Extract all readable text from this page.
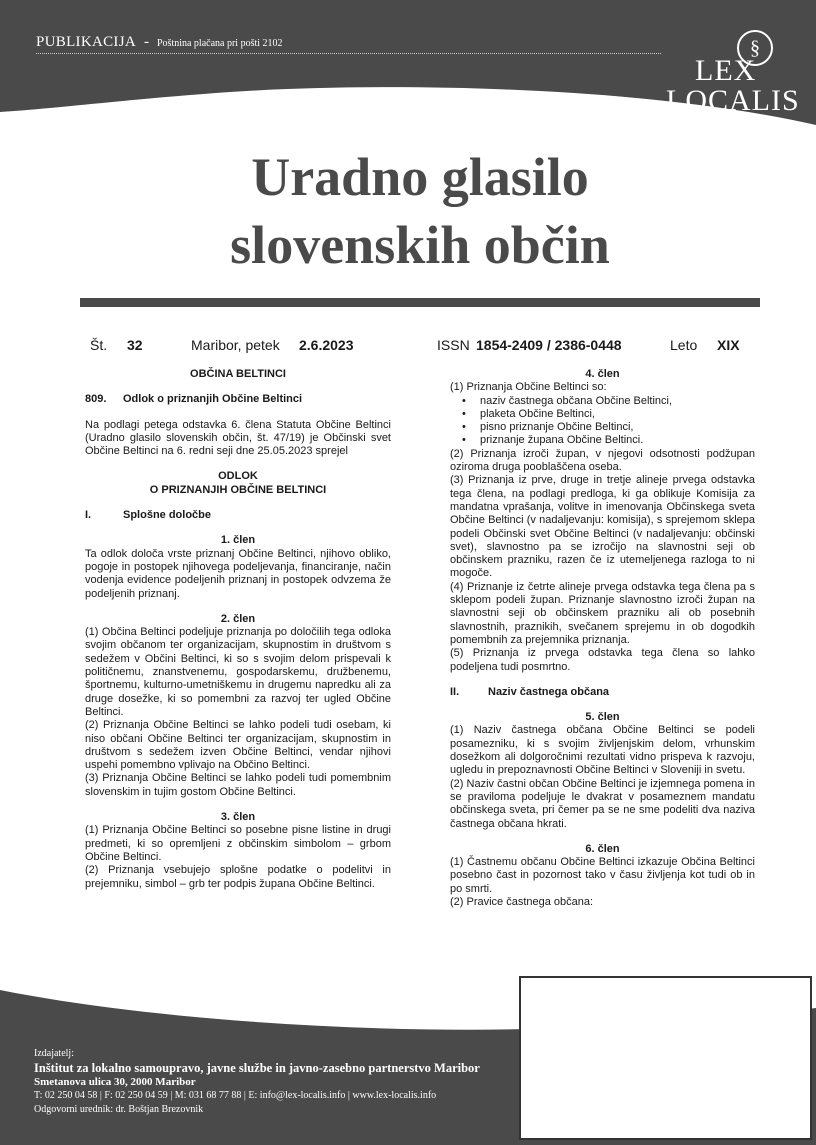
PUBLIKACIJA - Poštnina plačana pri pošti 2102	§
LEX
LOCALIS
Uradno glasilo
slovenskih občin
Št. 32	Maribor, petek 2.6.2023	ISSN 1854-2409 / 2386-0448	Leto XIX

OBČINA BELTINCI

809.	Odlok o priznanjih Občine Beltinci

Na podlagi petega odstavka 6. člena Statuta Občine Beltinci (Uradno glasilo slovenskih občin, št. 47/19) je Občinski svet Občine Beltinci na 6. redni seji dne 25.05.2023 sprejel

ODLOK

O PRIZNANJIH OBČINE BELTINCI

I.	Splošne določbe

1. člen

Ta odlok določa vrste priznanj Občine Beltinci, njihovo obliko, pogoje in postopek njihovega podeljevanja, financiranje, način vodenja evidence podeljenih priznanj in postopek odvzema že podeljenih priznanj.

2. člen

(1) Občina Beltinci podeljuje priznanja po določilih tega odloka svojim občanom ter organizacijam, skupnostim in društvom s sedežem v Občini Beltinci, ki so s svojim delom prispevali k političnemu, znanstvenemu, gospodarskemu, družbenemu, športnemu, kulturno-umetniškemu in drugemu napredku ali za druge dosežke, ki so pomembni za razvoj ter ugled Občine Beltinci.

(2) Priznanja Občine Beltinci se lahko podeli tudi osebam, ki niso občani Občine Beltinci ter organizacijam, skupnostim in društvom s sedežem izven Občine Beltinci, vendar njihovi uspehi pomembno vplivajo na Občino Beltinci.

(3) Priznanja Občine Beltinci se lahko podeli tudi pomembnim slovenskim in tujim gostom Občine Beltinci.

3. člen

(1) Priznanja Občine Beltinci so posebne pisne listine in drugi predmeti, ki so opremljeni z občinskim simbolom – grbom Občine Beltinci.

(2) Priznanja vsebujejo splošne podatke o podelitvi in prejemniku, simbol – grb ter podpis župana Občine Beltinci.

4. člen

(1) Priznanja Občine Beltinci so:

• naziv častnega občana Občine Beltinci,
• plaketa Občine Beltinci,
• pisno priznanje Občine Beltinci,
• priznanje župana Občine Beltinci.

(2) Priznanja izroči župan, v njegovi odsotnosti podžupan oziroma druga pooblaščena oseba.

(3) Priznanja iz prve, druge in tretje alineje prvega odstavka tega člena, na podlagi predloga, ki ga oblikuje Komisija za mandatna vprašanja, volitve in imenovanja Občinskega sveta Občine Beltinci (v nadaljevanju: komisija), s sprejemom sklepa podeli Občinski svet Občine Beltinci (v nadaljevanju: občinski svet), slavnostno pa se izročijo na slavnostni seji ob občinskem prazniku, razen če iz utemeljenega razloga to ni mogoče.

(4) Priznanje iz četrte alineje prvega odstavka tega člena pa s sklepom podeli župan. Priznanje slavnostno izroči župan na slavnostni seji ob občinskem prazniku ali ob posebnih slavnostnih, praznikih, svečanem sprejemu in ob dogodkih pomembnih za prejemnika priznanja.

(5) Priznanja iz prvega odstavka tega člena so lahko podeljena tudi posmrtno.

II.	Naziv častnega občana

5. člen

(1) Naziv častnega občana Občine Beltinci se podeli posamezniku, ki s svojim življenjskim delom, vrhunskim dosežkom ali dolgoročnimi rezultati vidno prispeva k razvoju, ugledu in prepoznavnosti Občine Beltinci v Sloveniji in svetu.

(2) Naziv častni občan Občine Beltinci je izjemnega pomena in se praviloma podeljuje le dvakrat v posameznem mandatu občinskega sveta, pri čemer pa se ne sme podeliti dva naziva častnega občana hkrati.

6. člen

(1) Častnemu občanu Občine Beltinci izkazuje Občina Beltinci posebno čast in pozornost tako v času življenja kot tudi ob in po smrti.

(2) Pravice častnega občana:

Izdajatelj:
Inštitut za lokalno samoupravo, javne službe in javno-zasebno partnerstvo Maribor
Smetanova ulica 30, 2000 Maribor
T: 02 250 04 58 | F: 02 250 04 59 | M: 031 68 77 88 | E: info@lex-localis.info | www.lex-localis.info
Odgovorni urednik: dr. Boštjan Brezovnik
